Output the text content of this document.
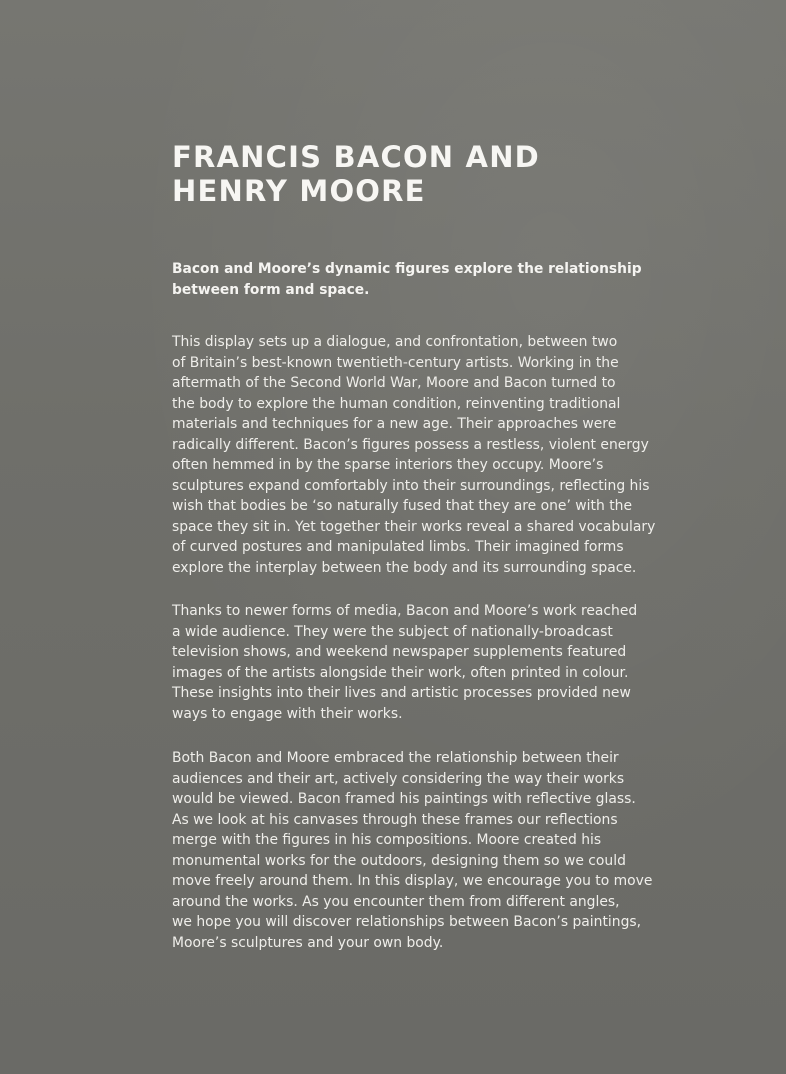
FRANCIS BACON AND
HENRY MOORE

Bacon and Moore’s dynamic figures explore the relationship
between form and space.

This display sets up a dialogue, and confrontation, between two
of Britain’s best-known twentieth-century artists. Working in the
aftermath of the Second World War, Moore and Bacon turned to
the body to explore the human condition, reinventing traditional
materials and techniques for a new age. Their approaches were
radically different. Bacon’s figures possess a restless, violent energy
often hemmed in by the sparse interiors they occupy. Moore’s
sculptures expand comfortably into their surroundings, reflecting his
wish that bodies be ‘so naturally fused that they are one’ with the
space they sit in. Yet together their works reveal a shared vocabulary
of curved postures and manipulated limbs. Their imagined forms
explore the interplay between the body and its surrounding space.

Thanks to newer forms of media, Bacon and Moore’s work reached
a wide audience. They were the subject of nationally-broadcast
television shows, and weekend newspaper supplements featured
images of the artists alongside their work, often printed in colour.
These insights into their lives and artistic processes provided new
ways to engage with their works.

Both Bacon and Moore embraced the relationship between their
audiences and their art, actively considering the way their works
would be viewed. Bacon framed his paintings with reflective glass.
As we look at his canvases through these frames our reflections
merge with the figures in his compositions. Moore created his
monumental works for the outdoors, designing them so we could
move freely around them. In this display, we encourage you to move
around the works. As you encounter them from different angles,
we hope you will discover relationships between Bacon’s paintings,
Moore’s sculptures and your own body.
